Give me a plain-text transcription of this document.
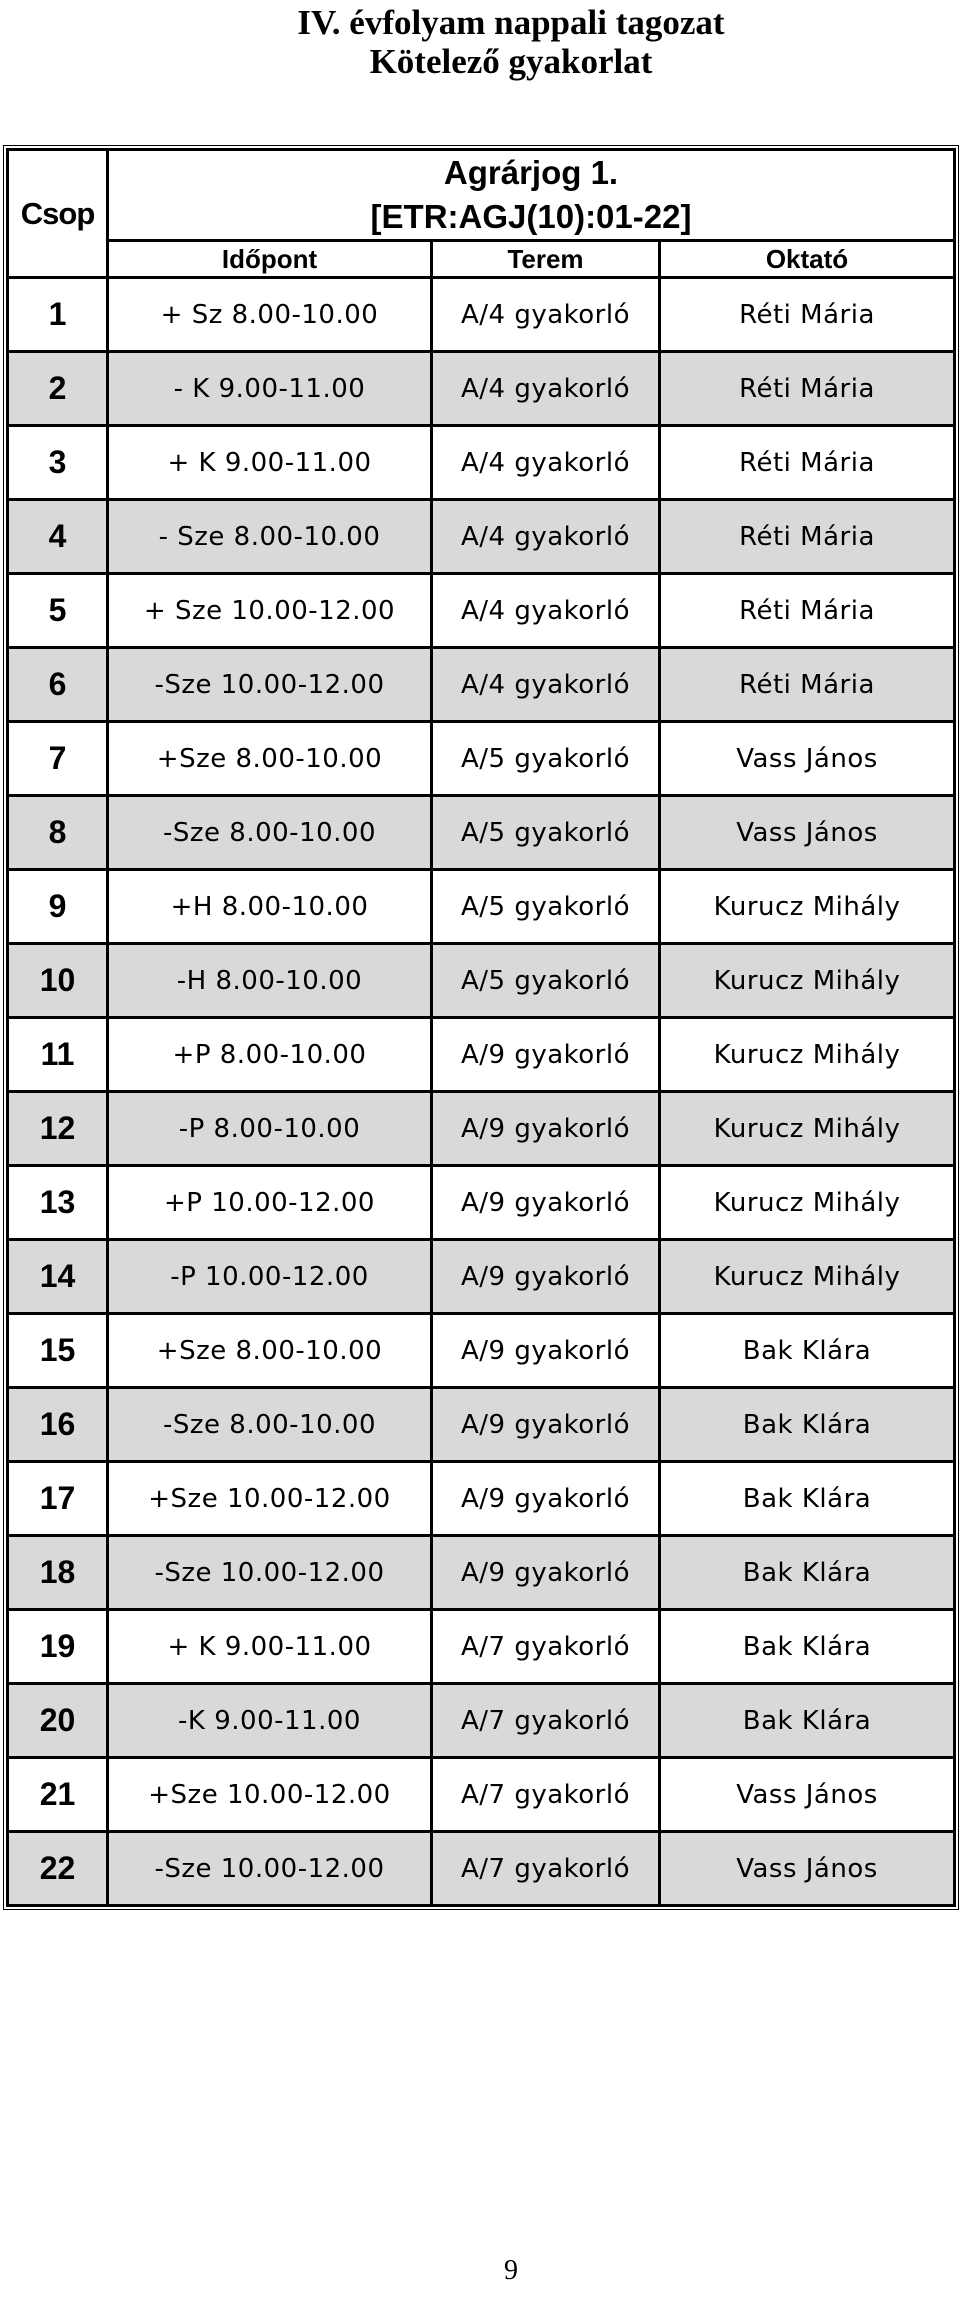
IV. évfolyam nappali tagozat
Kötelező gyakorlat
Csop	Agrárjog 1.
[ETR:AGJ(10):01-22]		

	Időpont	Terem	Oktató
1	+ Sz 8.00-10.00	A/4 gyakorló	Réti Mária
2	- K 9.00-11.00	A/4 gyakorló	Réti Mária
3	+ K 9.00-11.00	A/4 gyakorló	Réti Mária
4	- Sze 8.00-10.00	A/4 gyakorló	Réti Mária
5	+ Sze 10.00-12.00	A/4 gyakorló	Réti Mária
6	-Sze 10.00-12.00	A/4 gyakorló	Réti Mária
7	+Sze 8.00-10.00	A/5 gyakorló	Vass János
8	-Sze 8.00-10.00	A/5 gyakorló	Vass János
9	+H 8.00-10.00	A/5 gyakorló	Kurucz Mihály
10	-H 8.00-10.00	A/5 gyakorló	Kurucz Mihály
11	+P 8.00-10.00	A/9 gyakorló	Kurucz Mihály
12	-P 8.00-10.00	A/9 gyakorló	Kurucz Mihály
13	+P 10.00-12.00	A/9 gyakorló	Kurucz Mihály
14	-P 10.00-12.00	A/9 gyakorló	Kurucz Mihály
15	+Sze 8.00-10.00	A/9 gyakorló	Bak Klára
16	-Sze 8.00-10.00	A/9 gyakorló	Bak Klára
17	+Sze 10.00-12.00	A/9 gyakorló	Bak Klára
18	-Sze 10.00-12.00	A/9 gyakorló	Bak Klára
19	+ K 9.00-11.00	A/7 gyakorló	Bak Klára
20	-K 9.00-11.00	A/7 gyakorló	Bak Klára
21	+Sze 10.00-12.00	A/7 gyakorló	Vass János
22	-Sze 10.00-12.00	A/7 gyakorló	Vass János
9
